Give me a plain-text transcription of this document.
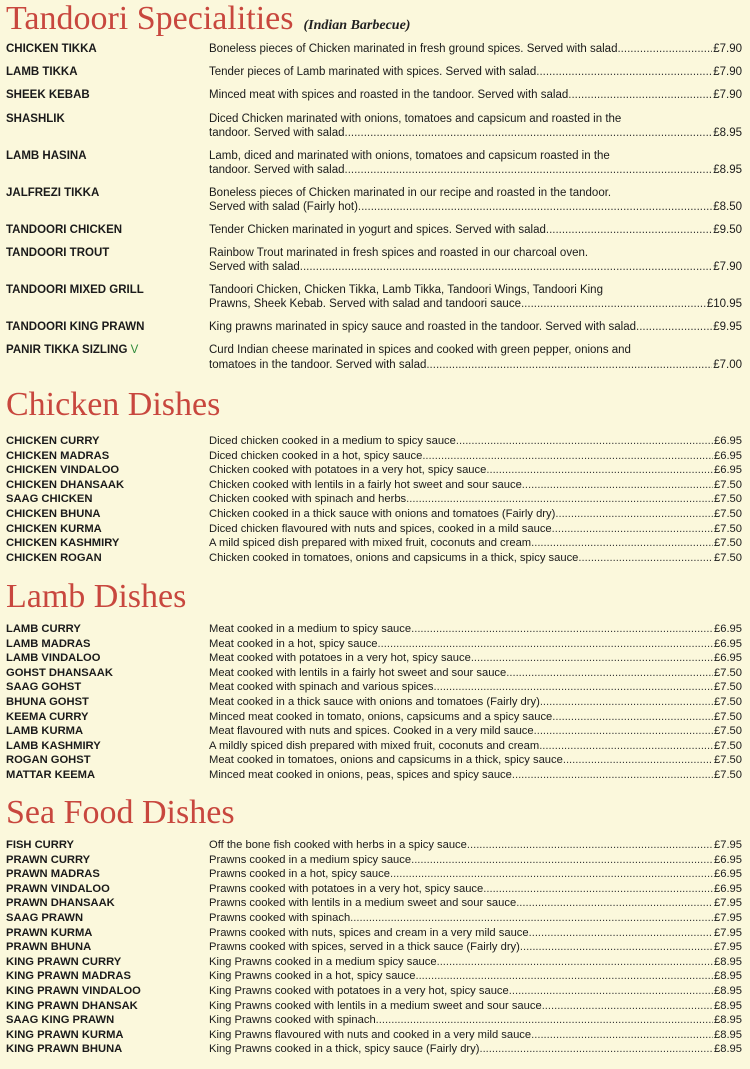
Tandoori Specialities (Indian Barbecue)
CHICKEN TIKKA	Boneless pieces of Chicken marinated in fresh ground spices. Served with salad .....	£7.90
LAMB TIKKA	Tender pieces of Lamb marinated with spices. Served with salad .....	£7.90
SHEEK KEBAB	Minced meat with spices and roasted in the tandoor. Served with salad .....	£7.90
SHASHLIK	Diced Chicken marinated with onions, tomatoes and capsicum and roasted in the
tandoor. Served with salad .....	£8.95
LAMB HASINA	Lamb, diced and marinated with onions, tomatoes and capsicum roasted in the
tandoor. Served with salad .....	£8.95
JALFREZI TIKKA	Boneless pieces of Chicken marinated in our recipe and roasted in the tandoor.
Served with salad (Fairly hot) .....	£8.50
TANDOORI CHICKEN	Tender Chicken marinated in yogurt and spices. Served with salad .....	£9.50
TANDOORI TROUT	Rainbow Trout marinated in fresh spices and roasted in our charcoal oven.
Served with salad .....	£7.90
TANDOORI MIXED GRILL	Tandoori Chicken, Chicken Tikka, Lamb Tikka, Tandoori Wings, Tandoori King
Prawns, Sheek Kebab. Served with salad and tandoori sauce .....	£10.95
TANDOORI KING PRAWN	King prawns marinated in spicy sauce and roasted in the tandoor. Served with salad .....	£9.95
PANIR TIKKA SIZLING V	Curd Indian cheese marinated in spices and cooked with green pepper, onions and
tomatoes in the tandoor. Served with salad .....	£7.00
Chicken Dishes
CHICKEN CURRY	Diced chicken cooked in a medium to spicy sauce .....	£6.95
CHICKEN MADRAS	Diced chicken cooked in a hot, spicy sauce .....	£6.95
CHICKEN VINDALOO	Chicken cooked with potatoes in a very hot, spicy sauce .....	£6.95
CHICKEN DHANSAAK	Chicken cooked with lentils in a fairly hot sweet and sour sauce .....	£7.50
SAAG CHICKEN	Chicken cooked with spinach and herbs .....	£7.50
CHICKEN BHUNA	Chicken cooked in a thick sauce with onions and tomatoes (Fairly dry) .....	£7.50
CHICKEN KURMA	Diced chicken flavoured with nuts and spices, cooked in a mild sauce .....	£7.50
CHICKEN KASHMIRY	A mild spiced dish prepared with mixed fruit, coconuts and cream .....	£7.50
CHICKEN ROGAN	Chicken cooked in tomatoes, onions and capsicums in a thick, spicy sauce .....	£7.50
Lamb Dishes
LAMB CURRY	Meat cooked in a medium to spicy sauce .....	£6.95
LAMB MADRAS	Meat cooked in a hot, spicy sauce .....	£6.95
LAMB VINDALOO	Meat cooked with potatoes in a very hot, spicy sauce .....	£6.95
GOHST DHANSAAK	Meat cooked with lentils in a fairly hot sweet and sour sauce .....	£7.50
SAAG GOHST	Meat cooked with spinach and various spices .....	£7.50
BHUNA GOHST	Meat cooked in a thick sauce with onions and tomatoes (Fairly dry) .....	£7.50
KEEMA CURRY	Minced meat cooked in tomato, onions, capsicums and a spicy sauce .....	£7.50
LAMB KURMA	Meat flavoured with nuts and spices. Cooked in a very mild sauce .....	£7.50
LAMB KASHMIRY	A mildly spiced dish prepared with mixed fruit, coconuts and cream .....	£7.50
ROGAN GOHST	Meat cooked in tomatoes, onions and capsicums in a thick, spicy sauce .....	£7.50
MATTAR KEEMA	Minced meat cooked in onions, peas, spices and spicy sauce .....	£7.50
Sea Food Dishes
FISH CURRY	Off the bone fish cooked with herbs in a spicy sauce .....	£7.95
PRAWN CURRY	Prawns cooked in a medium spicy sauce .....	£6.95
PRAWN MADRAS	Prawns cooked in a hot, spicy sauce .....	£6.95
PRAWN VINDALOO	Prawns cooked with potatoes in a very hot, spicy sauce .....	£6.95
PRAWN DHANSAAK	Prawns cooked with lentils in a medium sweet and sour sauce .....	£7.95
SAAG PRAWN	Prawns cooked with spinach .....	£7.95
PRAWN KURMA	Prawns cooked with nuts, spices and cream in a very mild sauce .....	£7.95
PRAWN BHUNA	Prawns cooked with spices, served in a thick sauce (Fairly dry) .....	£7.95
KING PRAWN CURRY	King Prawns cooked in a medium spicy sauce .....	£8.95
KING PRAWN MADRAS	King Prawns cooked in a hot, spicy sauce .....	£8.95
KING PRAWN VINDALOO	King Prawns cooked with potatoes in a very hot, spicy sauce .....	£8.95
KING PRAWN DHANSAK	King Prawns cooked with lentils in a medium sweet and sour sauce .....	£8.95
SAAG KING PRAWN	King Prawns cooked with spinach .....	£8.95
KING PRAWN KURMA	King Prawns flavoured with nuts and cooked in a very mild sauce .....	£8.95
KING PRAWN BHUNA	King Prawns cooked in a thick, spicy sauce (Fairly dry) .....	£8.95
